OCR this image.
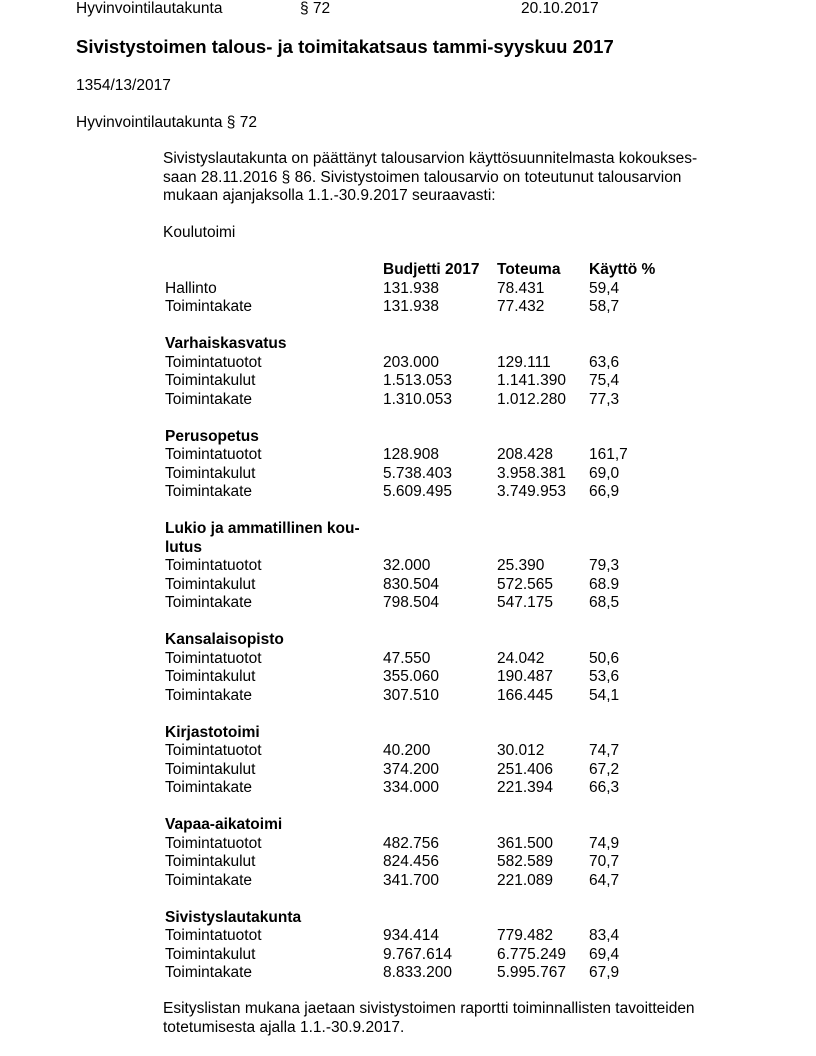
Hyvinvointilautakunta	§ 72	20.10.2017
Sivistystoimen talous- ja toimitakatsaus tammi-syyskuu 2017
1354/13/2017
Hyvinvointilautakunta § 72
Sivistyslautakunta on päättänyt talousarvion käyttösuunnitelmasta kokoukses-
saan 28.11.2016 § 86. Sivistystoimen talousarvio on toteutunut talousarvion
mukaan ajanjaksolla 1.1.-30.9.2017 seuraavasti:
Koulutoimi
Budjetti 2017 Toteuma Käyttö %
Hallinto	131.938	78.431	59,4
Toimintakate	131.938	77.432	58,7
Varhaiskasvatus
Toimintatuotot	203.000	129.111 63,6
Toimintakulut	1.513.053	1.141.390 75,4
Toimintakate	1.310.053	1.012.280 77,3
Perusopetus
Toimintatuotot	128.908	208.428 161,7
Toimintakulut	5.738.403	3.958.381 69,0
Toimintakate	5.609.495	3.749.953 66,9
Lukio ja ammatillinen kou-
lutus
Toimintatuotot	32.000	25.390	79,3
Toimintakulut	830.504	572.565 68.9
Toimintakate	798.504	547.175 68,5
Kansalaisopisto
Toimintatuotot	47.550	24.042	50,6
Toimintakulut	355.060	190.487 53,6
Toimintakate	307.510	166.445 54,1
Kirjastotoimi
Toimintatuotot	40.200	30.012	74,7
Toimintakulut	374.200	251.406 67,2
Toimintakate	334.000	221.394 66,3
Vapaa-aikatoimi
Toimintatuotot	482.756	361.500 74,9
Toimintakulut	824.456	582.589 70,7
Toimintakate	341.700	221.089 64,7
Sivistyslautakunta
Toimintatuotot	934.414	779.482 83,4
Toimintakulut	9.767.614	6.775.249 69,4
Toimintakate	8.833.200	5.995.767 67,9
Esityslistan mukana jaetaan sivistystoimen raportti toiminnallisten tavoitteiden
totetumisesta ajalla 1.1.-30.9.2017.
